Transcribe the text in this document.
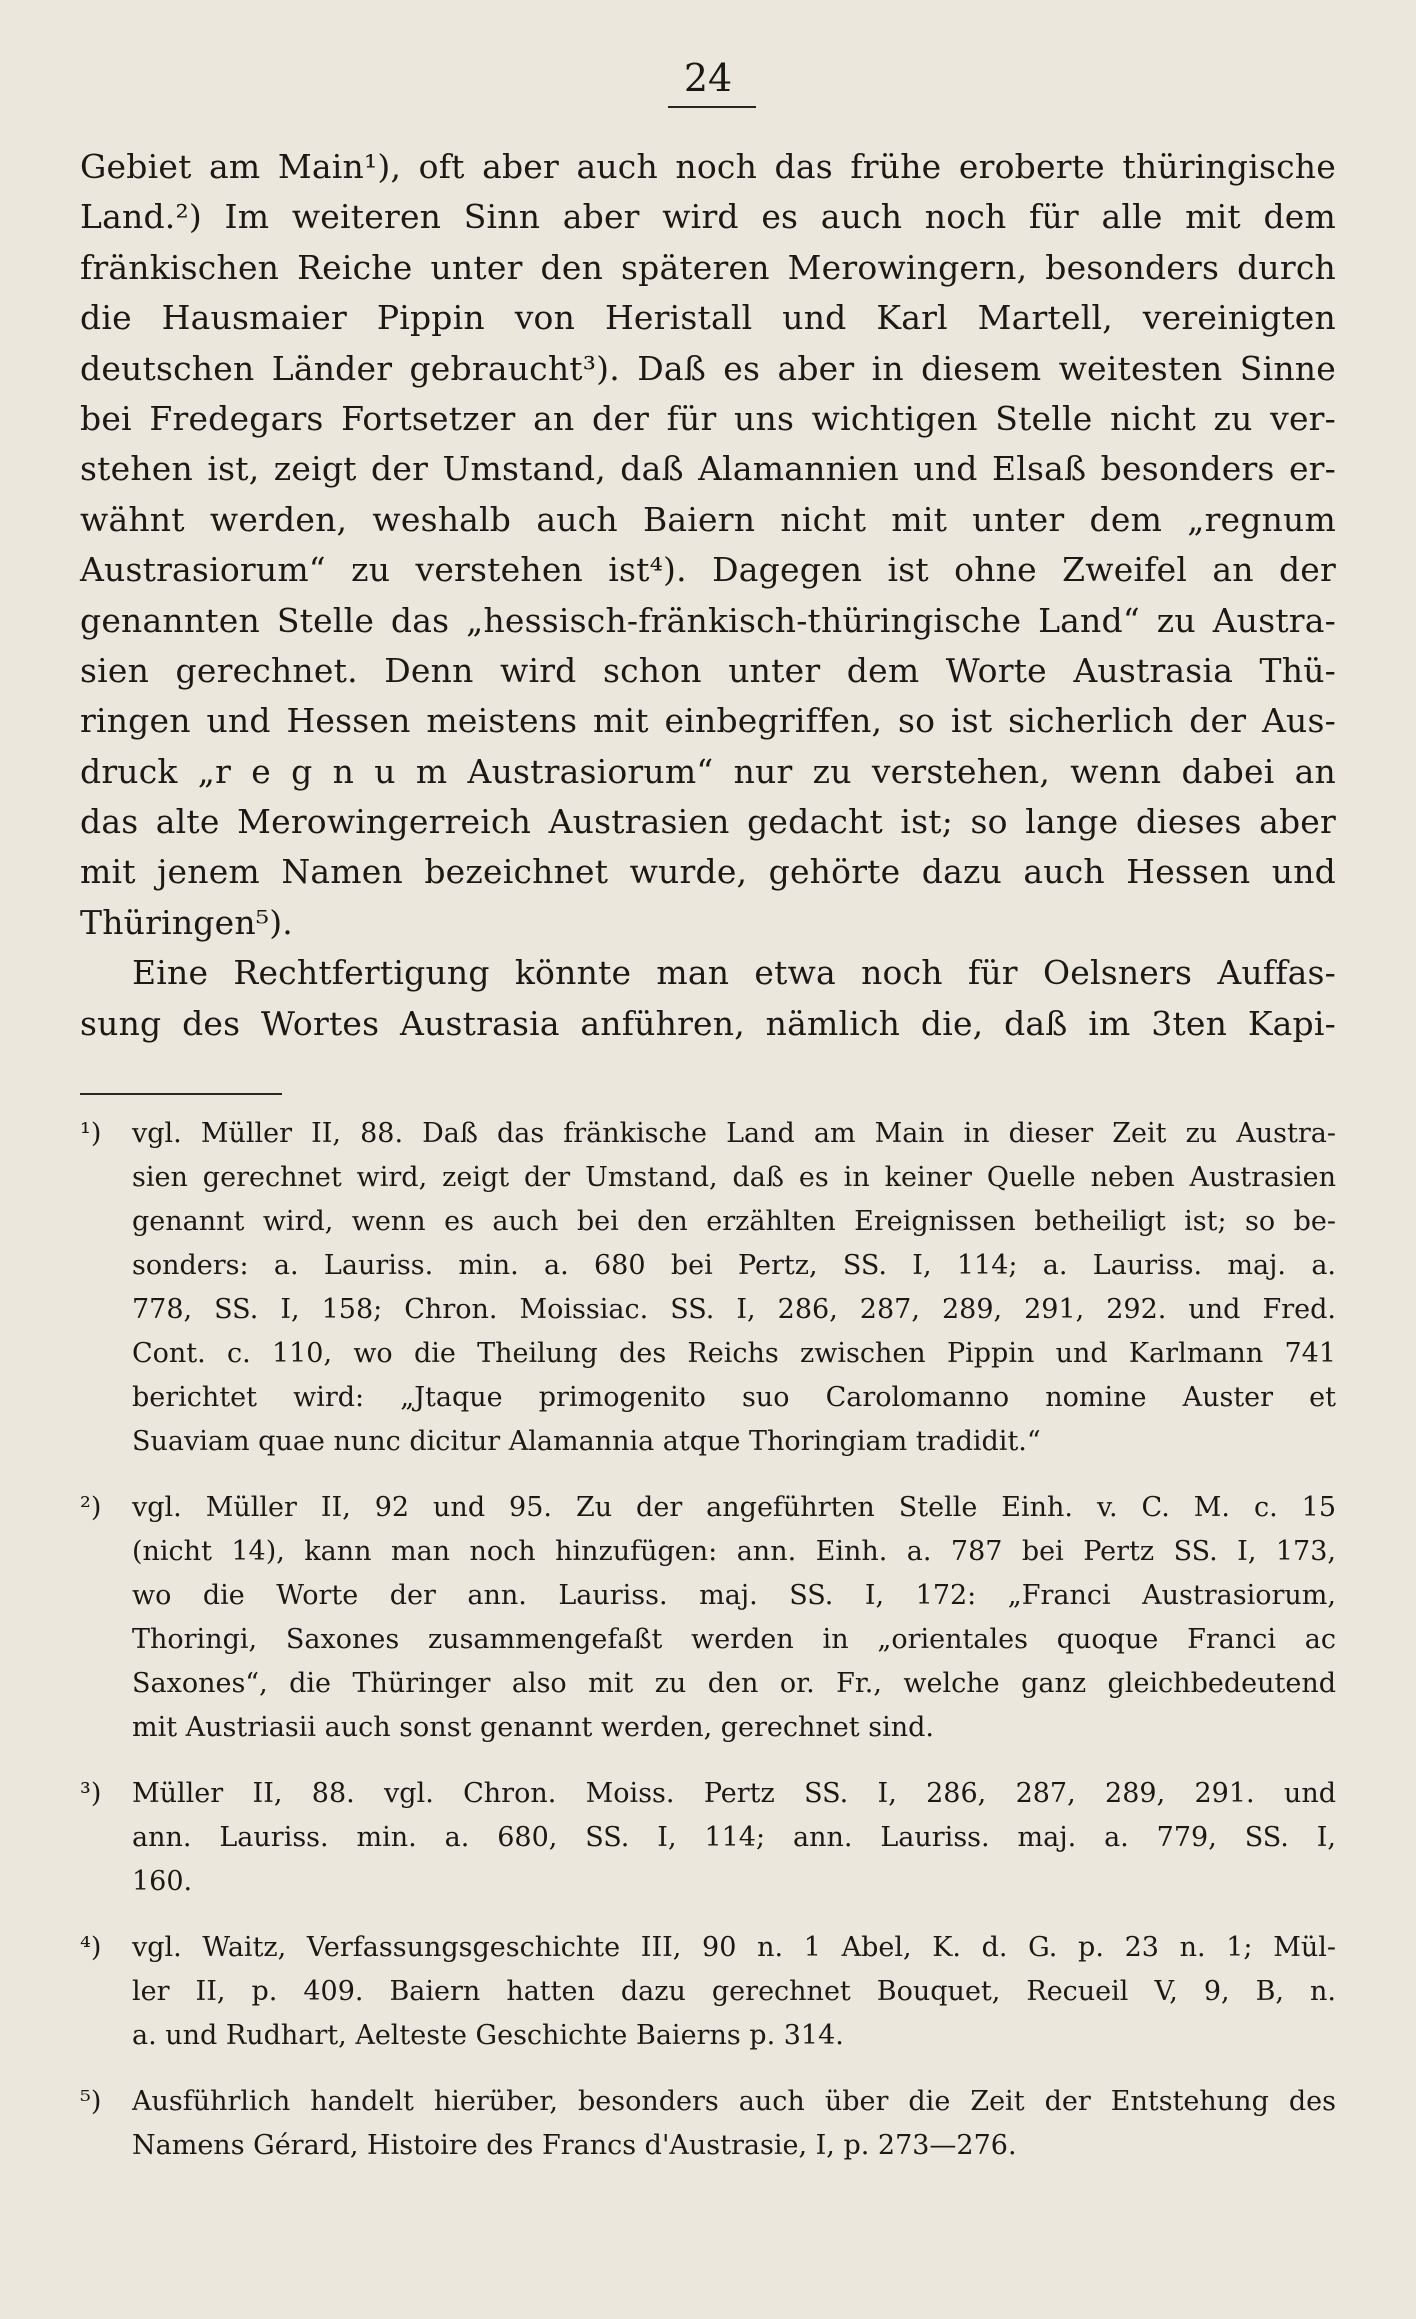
24
Gebiet am Main¹), oft aber auch noch das frühe eroberte thüringische
Land.²) Im weiteren Sinn aber wird es auch noch für alle mit dem
fränkischen Reiche unter den späteren Merowingern, besonders durch
die Hausmaier Pippin von Heristall und Karl Martell, vereinigten
deutschen Länder gebraucht³). Daß es aber in diesem weitesten Sinne
bei Fredegars Fortsetzer an der für uns wichtigen Stelle nicht zu ver-
stehen ist, zeigt der Umstand, daß Alamannien und Elsaß besonders er-
wähnt werden, weshalb auch Baiern nicht mit unter dem „regnum
Austrasiorum“ zu verstehen ist⁴). Dagegen ist ohne Zweifel an der
genannten Stelle das „hessisch-fränkisch-thüringische Land“ zu Austra-
sien gerechnet. Denn wird schon unter dem Worte Austrasia Thü-
ringen und Hessen meistens mit einbegriffen, so ist sicherlich der Aus-
druck „r e g n u m Austrasiorum“ nur zu verstehen, wenn dabei an
das alte Merowingerreich Austrasien gedacht ist; so lange dieses aber
mit jenem Namen bezeichnet wurde, gehörte dazu auch Hessen und
Thüringen⁵).
Eine Rechtfertigung könnte man etwa noch für Oelsners Auffas-
sung des Wortes Austrasia anführen, nämlich die, daß im 3ten Kapi-
¹) vgl. Müller II, 88. Daß das fränkische Land am Main in dieser Zeit zu Austra-
sien gerechnet wird, zeigt der Umstand, daß es in keiner Quelle neben Austrasien
genannt wird, wenn es auch bei den erzählten Ereignissen betheiligt ist; so be-
sonders: a. Lauriss. min. a. 680 bei Pertz, SS. I, 114; a. Lauriss. maj. a.
778, SS. I, 158; Chron. Moissiac. SS. I, 286, 287, 289, 291, 292. und Fred.
Cont. c. 110, wo die Theilung des Reichs zwischen Pippin und Karlmann 741
berichtet wird: „Jtaque primogenito suo Carolomanno nomine Auster et
Suaviam quae nunc dicitur Alamannia atque Thoringiam tradidit.“
²) vgl. Müller II, 92 und 95. Zu der angeführten Stelle Einh. v. C. M. c. 15
(nicht 14), kann man noch hinzufügen: ann. Einh. a. 787 bei Pertz SS. I, 173,
wo die Worte der ann. Lauriss. maj. SS. I, 172: „Franci Austrasiorum,
Thoringi, Saxones zusammengefaßt werden in „orientales quoque Franci ac
Saxones“, die Thüringer also mit zu den or. Fr., welche ganz gleichbedeutend
mit Austriasii auch sonst genannt werden, gerechnet sind.
³) Müller II, 88. vgl. Chron. Moiss. Pertz SS. I, 286, 287, 289, 291. und
ann. Lauriss. min. a. 680, SS. I, 114; ann. Lauriss. maj. a. 779, SS. I,
160.
⁴) vgl. Waitz, Verfassungsgeschichte III, 90 n. 1 Abel, K. d. G. p. 23 n. 1; Mül-
ler II, p. 409. Baiern hatten dazu gerechnet Bouquet, Recueil V, 9, B, n.
a. und Rudhart, Aelteste Geschichte Baierns p. 314.
⁵) Ausführlich handelt hierüber, besonders auch über die Zeit der Entstehung des
Namens Gérard, Histoire des Francs d'Austrasie, I, p. 273—276.
